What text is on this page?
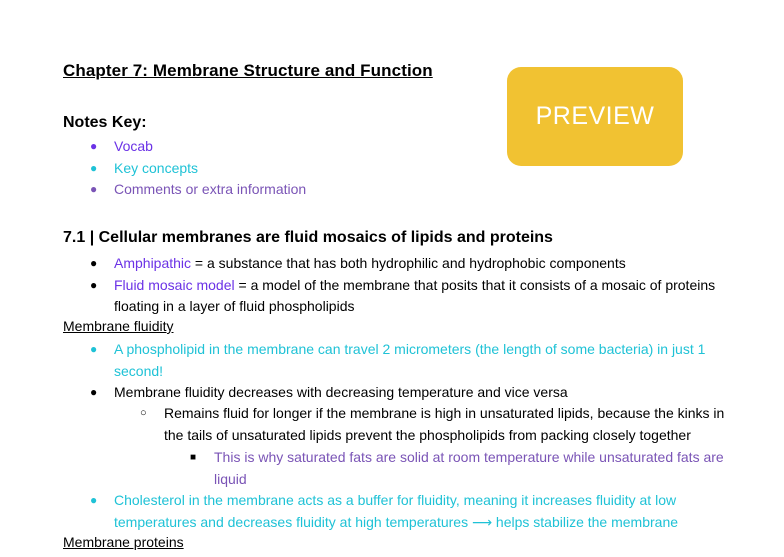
Chapter 7: Membrane Structure and Function
PREVIEW
Notes Key:
● Vocab
● Key concepts
● Comments or extra information
7.1 | Cellular membranes are fluid mosaics of lipids and proteins
● Amphipathic = a substance that has both hydrophilic and hydrophobic components
● Fluid mosaic model = a model of the membrane that posits that it consists of a mosaic of proteins floating in a layer of fluid phospholipids
Membrane fluidity
● A phospholipid in the membrane can travel 2 micrometers (the length of some bacteria) in just 1 second!
● Membrane fluidity decreases with decreasing temperature and vice versa
○ Remains fluid for longer if the membrane is high in unsaturated lipids, because the kinks in the tails of unsaturated lipids prevent the phospholipids from packing closely together
■ This is why saturated fats are solid at room temperature while unsaturated fats are liquid
● Cholesterol in the membrane acts as a buffer for fluidity, meaning it increases fluidity at low temperatures and decreases fluidity at high temperatures ⟶ helps stabilize the membrane
Membrane proteins
